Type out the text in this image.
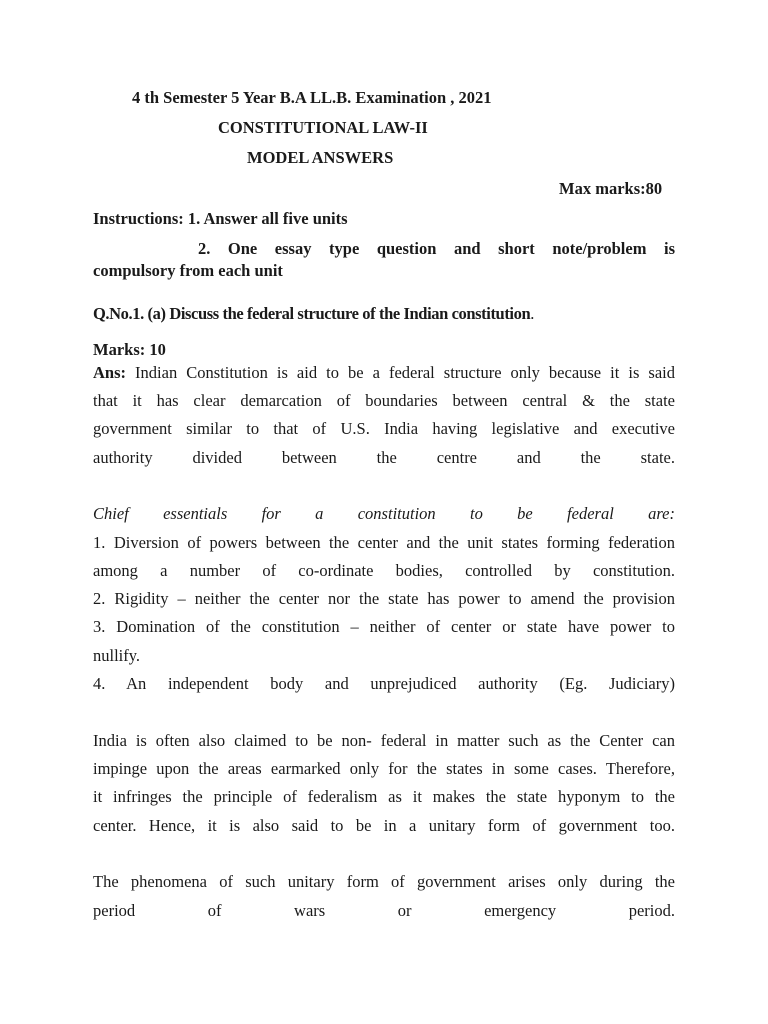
4 th Semester 5 Year B.A LL.B. Examination , 2021
CONSTITUTIONAL LAW-II
MODEL ANSWERS
Max marks:80
Instructions: 1. Answer all five units
2. One essay type question and short note/problem is
compulsory from each unit
Q.No.1. (a) Discuss the federal structure of the Indian constitution.
Marks: 10
Ans: Indian Constitution is aid to be a federal structure only because it is said
that it has clear demarcation of boundaries between central & the state
government similar to that of U.S. India having legislative and executive
authority divided between the centre and the state.
Chief essentials for a constitution to be federal are:
1. Diversion of powers between the center and the unit states forming federation
among a number of co-ordinate bodies, controlled by constitution.
2. Rigidity – neither the center nor the state has power to amend the provision
3. Domination of the constitution – neither of center or state have power to
nullify.
4. An independent body and unprejudiced authority (Eg. Judiciary)
India is often also claimed to be non- federal in matter such as the Center can
impinge upon the areas earmarked only for the states in some cases. Therefore,
it infringes the principle of federalism as it makes the state hyponym to the
center. Hence, it is also said to be in a unitary form of government too.
The phenomena of such unitary form of government arises only during the
period of wars or emergency period.
